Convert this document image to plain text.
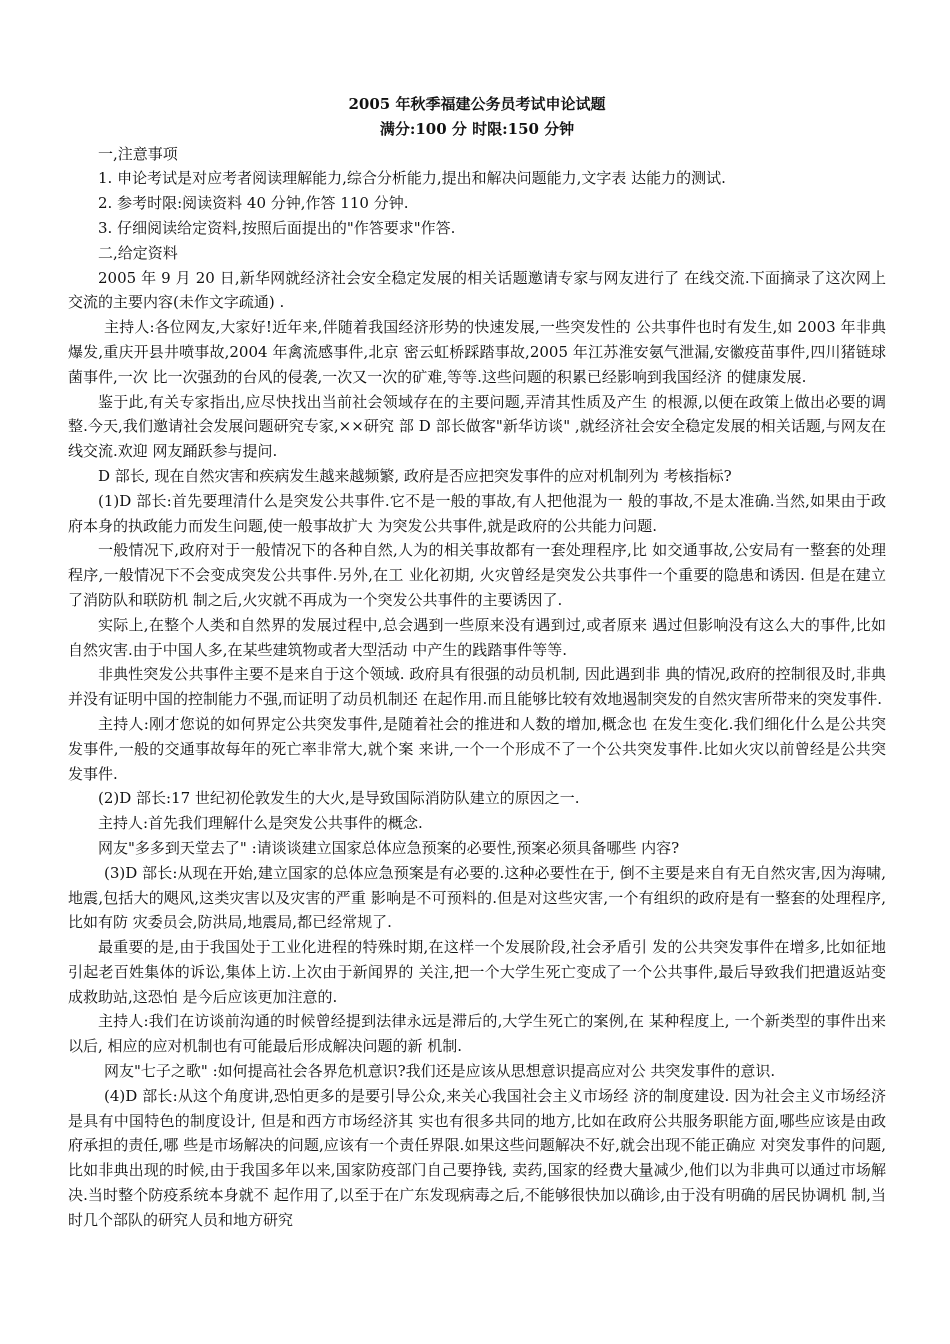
2005 年秋季福建公务员考试申论试题
满分:100 分 时限:150 分钟

一,注意事项

1. 申论考试是对应考者阅读理解能力,综合分析能力,提出和解决问题能力,文字表 达能力的测试.

2. 参考时限:阅读资料 40 分钟,作答 110 分钟.

3. 仔细阅读给定资料,按照后面提出的"作答要求"作答.

二,给定资料

2005 年 9 月 20 日,新华网就经济社会安全稳定发展的相关话题邀请专家与网友进行了 在线交流.下面摘录了这次网上交流的主要内容(未作文字疏通) .

主持人:各位网友,大家好!近年来,伴随着我国经济形势的快速发展,一些突发性的 公共事件也时有发生,如 2003 年非典爆发,重庆开县井喷事故,2004 年禽流感事件,北京 密云虹桥踩踏事故,2005 年江苏淮安氨气泄漏,安徽疫苗事件,四川猪链球菌事件,一次 比一次强劲的台风的侵袭,一次又一次的矿难,等等.这些问题的积累已经影响到我国经济 的健康发展.

鉴于此,有关专家指出,应尽快找出当前社会领域存在的主要问题,弄清其性质及产生 的根源,以便在政策上做出必要的调整.今天,我们邀请社会发展问题研究专家,××研究 部 D 部长做客"新华访谈" ,就经济社会安全稳定发展的相关话题,与网友在线交流.欢迎 网友踊跃参与提问.

D 部长, 现在自然灾害和疾病发生越来越频繁, 政府是否应把突发事件的应对机制列为 考核指标?

(1)D 部长:首先要理清什么是突发公共事件.它不是一般的事故,有人把他混为一 般的事故,不是太准确.当然,如果由于政府本身的执政能力而发生问题,使一般事故扩大 为突发公共事件,就是政府的公共能力问题.

一般情况下,政府对于一般情况下的各种自然,人为的相关事故都有一套处理程序,比 如交通事故,公安局有一整套的处理程序,一般情况下不会变成突发公共事件.另外,在工 业化初期, 火灾曾经是突发公共事件一个重要的隐患和诱因. 但是在建立了消防队和联防机 制之后,火灾就不再成为一个突发公共事件的主要诱因了.

实际上,在整个人类和自然界的发展过程中,总会遇到一些原来没有遇到过,或者原来 遇过但影响没有这么大的事件,比如自然灾害.由于中国人多,在某些建筑物或者大型活动 中产生的践踏事件等等.

非典性突发公共事件主要不是来自于这个领域. 政府具有很强的动员机制, 因此遇到非 典的情况,政府的控制很及时,非典并没有证明中国的控制能力不强,而证明了动员机制还 在起作用.而且能够比较有效地遏制突发的自然灾害所带来的突发事件.

主持人:刚才您说的如何界定公共突发事件,是随着社会的推进和人数的增加,概念也 在发生变化.我们细化什么是公共突发事件,一般的交通事故每年的死亡率非常大,就个案 来讲,一个一个形成不了一个公共突发事件.比如火灾以前曾经是公共突发事件.

(2)D 部长:17 世纪初伦敦发生的大火,是导致国际消防队建立的原因之一.

主持人:首先我们理解什么是突发公共事件的概念.

网友"多多到天堂去了" :请谈谈建立国家总体应急预案的必要性,预案必须具备哪些 内容?

(3)D 部长:从现在开始,建立国家的总体应急预案是有必要的.这种必要性在于, 倒不主要是来自有无自然灾害,因为海啸,地震,包括大的飓风,这类灾害以及灾害的严重 影响是不可预料的.但是对这些灾害,一个有组织的政府是有一整套的处理程序,比如有防 灾委员会,防洪局,地震局,都已经常规了.

最重要的是,由于我国处于工业化进程的特殊时期,在这样一个发展阶段,社会矛盾引 发的公共突发事件在增多,比如征地引起老百姓集体的诉讼,集体上访.上次由于新闻界的 关注,把一个大学生死亡变成了一个公共事件,最后导致我们把遣返站变成救助站,这恐怕 是今后应该更加注意的.

主持人:我们在访谈前沟通的时候曾经提到法律永远是滞后的,大学生死亡的案例,在 某种程度上, 一个新类型的事件出来以后, 相应的应对机制也有可能最后形成解决问题的新 机制.

网友"七子之歌" :如何提高社会各界危机意识?我们还是应该从思想意识提高应对公 共突发事件的意识.

(4)D 部长:从这个角度讲,恐怕更多的是要引导公众,来关心我国社会主义市场经 济的制度建设. 因为社会主义市场经济是具有中国特色的制度设计, 但是和西方市场经济其 实也有很多共同的地方,比如在政府公共服务职能方面,哪些应该是由政府承担的责任,哪 些是市场解决的问题,应该有一个责任界限.如果这些问题解决不好,就会出现不能正确应 对突发事件的问题,比如非典出现的时候,由于我国多年以来,国家防疫部门自己要挣钱, 卖药,国家的经费大量减少,他们以为非典可以通过市场解决.当时整个防疫系统本身就不 起作用了,以至于在广东发现病毒之后,不能够很快加以确诊,由于没有明确的居民协调机 制,当时几个部队的研究人员和地方研究
